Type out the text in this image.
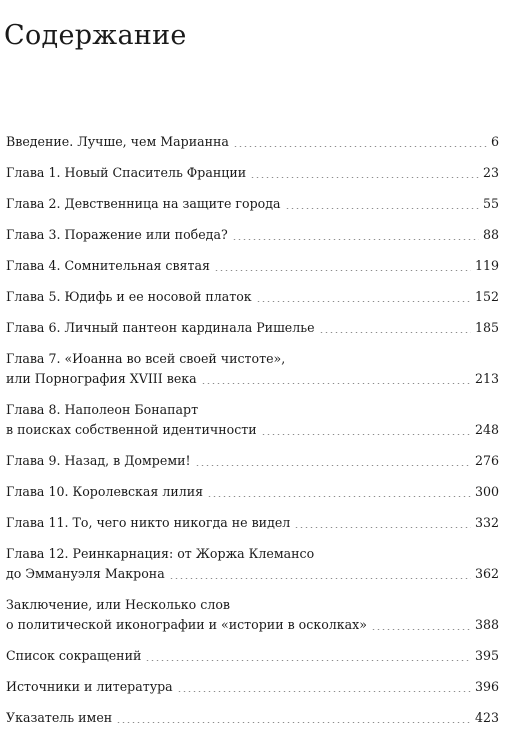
Содержание
Введение. Лучше, чем Марианна	6
Глава 1. Новый Спаситель Франции	23
Глава 2. Девственница на защите города	55
Глава 3. Поражение или победа?	88
Глава 4. Сомнительная святая	119
Глава 5. Юдифь и ее носовой платок	152
Глава 6. Личный пантеон кардинала Ришелье	185
Глава 7. «Иоанна во всей своей чистоте»,
или Порнография XVIII века	213
Глава 8. Наполеон Бонапарт
в поисках собственной идентичности	248
Глава 9. Назад, в Домреми!	276
Глава 10. Королевская лилия	300
Глава 11. То, чего никто никогда не видел	332
Глава 12. Реинкарнация: от Жоржа Клемансо
до Эммануэля Макрона	362
Заключение, или Несколько слов
о политической иконографии и «истории в осколках»	388
Список сокращений	395
Источники и литература	396
Указатель имен	423
